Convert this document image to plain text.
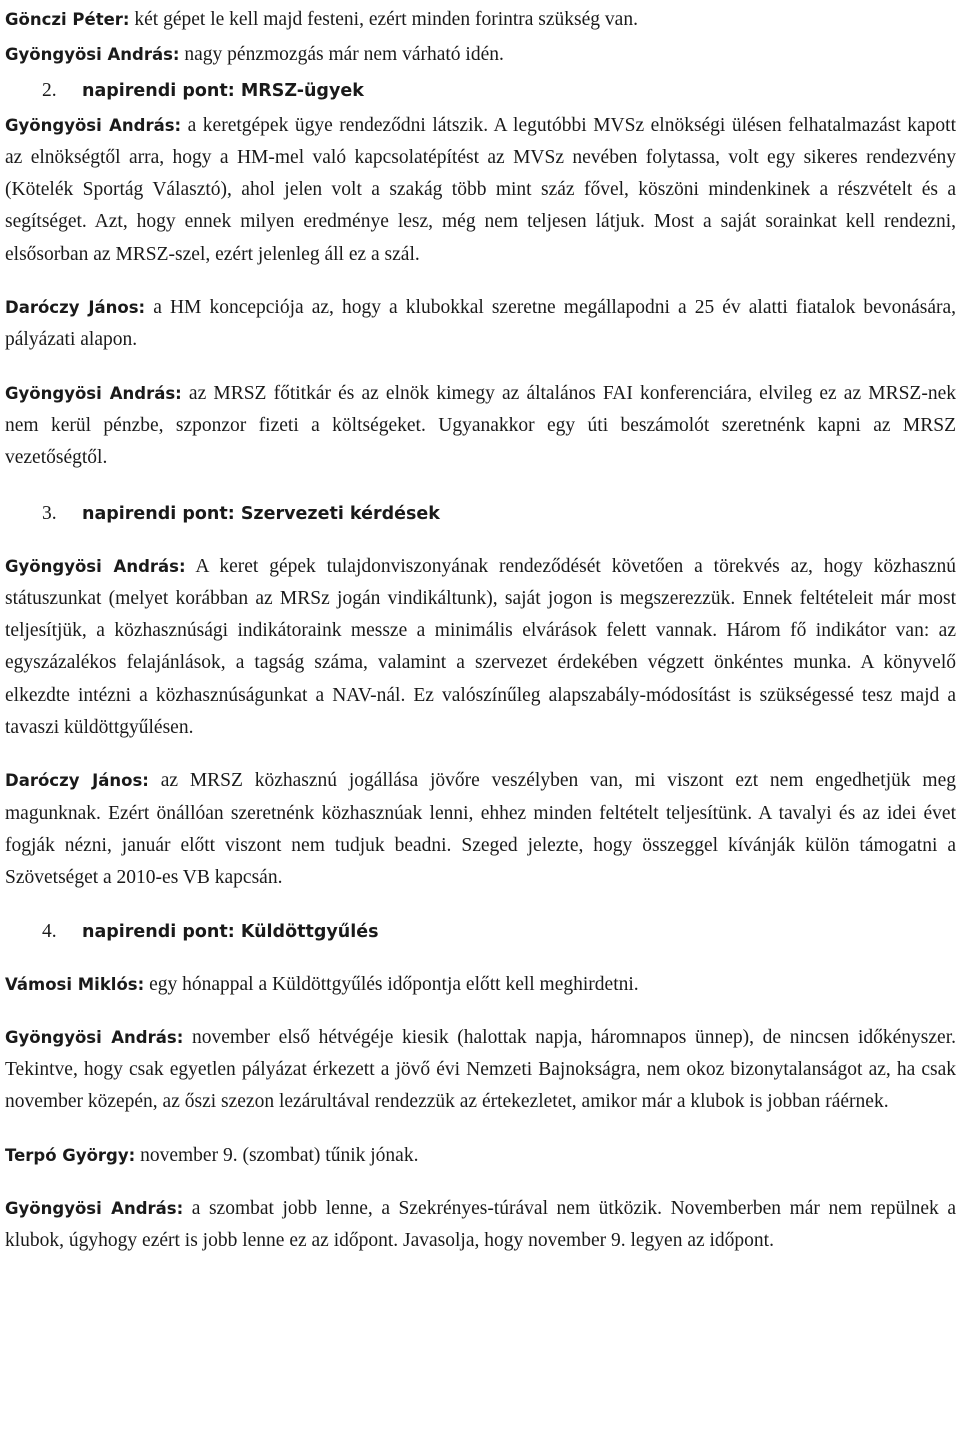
Gönczi Péter: két gépet le kell majd festeni, ezért minden forintra szükség van.

Gyöngyösi András: nagy pénzmozgás már nem várható idén.

2. napirendi pont: MRSZ-ügyek

Gyöngyösi András: a keretgépek ügye rendeződni látszik. A legutóbbi MVSz elnökségi ülésen felhatalmazást kapott az elnökségtől arra, hogy a HM-mel való kapcsolatépítést az MVSz nevében folytassa, volt egy sikeres rendezvény (Kötelék Sportág Választó), ahol jelen volt a szakág több mint száz fővel, köszöni mindenkinek a részvételt és a segítséget. Azt, hogy ennek milyen eredménye lesz, még nem teljesen látjuk. Most a saját sorainkat kell rendezni, elsősorban az MRSZ-szel, ezért jelenleg áll ez a szál.

Daróczy János: a HM koncepciója az, hogy a klubokkal szeretne megállapodni a 25 év alatti fiatalok bevonására, pályázati alapon.

Gyöngyösi András: az MRSZ főtitkár és az elnök kimegy az általános FAI konferenciára, elvileg ez az MRSZ-nek nem kerül pénzbe, szponzor fizeti a költségeket. Ugyanakkor egy úti beszámolót szeretnénk kapni az MRSZ vezetőségtől.

3. napirendi pont: Szervezeti kérdések

Gyöngyösi András: A keret gépek tulajdonviszonyának rendeződését követően a törekvés az, hogy közhasznú státuszunkat (melyet korábban az MRSz jogán vindikáltunk), saját jogon is megszerezzük. Ennek feltételeit már most teljesítjük, a közhasznúsági indikátoraink messze a minimális elvárások felett vannak. Három fő indikátor van: az egyszázalékos felajánlások, a tagság száma, valamint a szervezet érdekében végzett önkéntes munka. A könyvelő elkezdte intézni a közhasznúságunkat a NAV-nál. Ez valószínűleg alapszabály-módosítást is szükségessé tesz majd a tavaszi küldöttgyűlésen.

Daróczy János: az MRSZ közhasznú jogállása jövőre veszélyben van, mi viszont ezt nem engedhetjük meg magunknak. Ezért önállóan szeretnénk közhasznúak lenni, ehhez minden feltételt teljesítünk. A tavalyi és az idei évet fogják nézni, január előtt viszont nem tudjuk beadni. Szeged jelezte, hogy összeggel kívánják külön támogatni a Szövetséget a 2010-es VB kapcsán.

4. napirendi pont: Küldöttgyűlés

Vámosi Miklós: egy hónappal a Küldöttgyűlés időpontja előtt kell meghirdetni.

Gyöngyösi András: november első hétvégéje kiesik (halottak napja, háromnapos ünnep), de nincsen időkényszer. Tekintve, hogy csak egyetlen pályázat érkezett a jövő évi Nemzeti Bajnokságra, nem okoz bizonytalanságot az, ha csak november közepén, az őszi szezon lezárultával rendezzük az értekezletet, amikor már a klubok is jobban ráérnek.

Terpó György: november 9. (szombat) tűnik jónak.

Gyöngyösi András: a szombat jobb lenne, a Szekrényes-túrával nem ütközik. Novemberben már nem repülnek a klubok, úgyhogy ezért is jobb lenne ez az időpont. Javasolja, hogy november 9. legyen az időpont.
